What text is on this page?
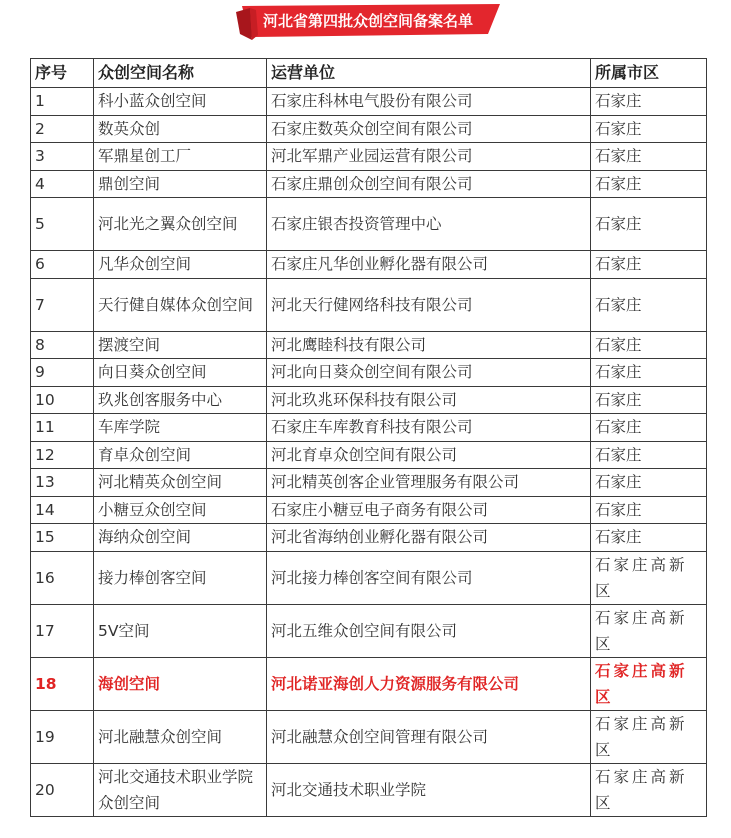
河北省第四批众创空间备案名单
序号	众创空间名称	运营单位	所属市区
1	科小蓝众创空间	石家庄科林电气股份有限公司	石家庄
2	数英众创	石家庄数英众创空间有限公司	石家庄
3	军鼎星创工厂	河北军鼎产业园运营有限公司	石家庄
4	鼎创空间	石家庄鼎创众创空间有限公司	石家庄
5	河北光之翼众创空间	石家庄银杏投资管理中心	石家庄
6	凡华众创空间	石家庄凡华创业孵化器有限公司	石家庄
7	天行健自媒体众创空间	河北天行健网络科技有限公司	石家庄
8	摆渡空间	河北鹰睦科技有限公司	石家庄
9	向日葵众创空间	河北向日葵众创空间有限公司	石家庄
10	玖兆创客服务中心	河北玖兆环保科技有限公司	石家庄
11	车库学院	石家庄车库教育科技有限公司	石家庄
12	育卓众创空间	河北育卓众创空间有限公司	石家庄
13	河北精英众创空间	河北精英创客企业管理服务有限公司	石家庄
14	小糖豆众创空间	石家庄小糖豆电子商务有限公司	石家庄
15	海纳众创空间	河北省海纳创业孵化器有限公司	石家庄
16	接力棒创客空间	河北接力棒创客空间有限公司	石家庄高新区
17	5V空间	河北五维众创空间有限公司	石家庄高新区
18	海创空间	河北诺亚海创人力资源服务有限公司	石家庄高新区
19	河北融慧众创空间	河北融慧众创空间管理有限公司	石家庄高新区
20	河北交通技术职业学院众创空间	河北交通技术职业学院	石家庄高新区
